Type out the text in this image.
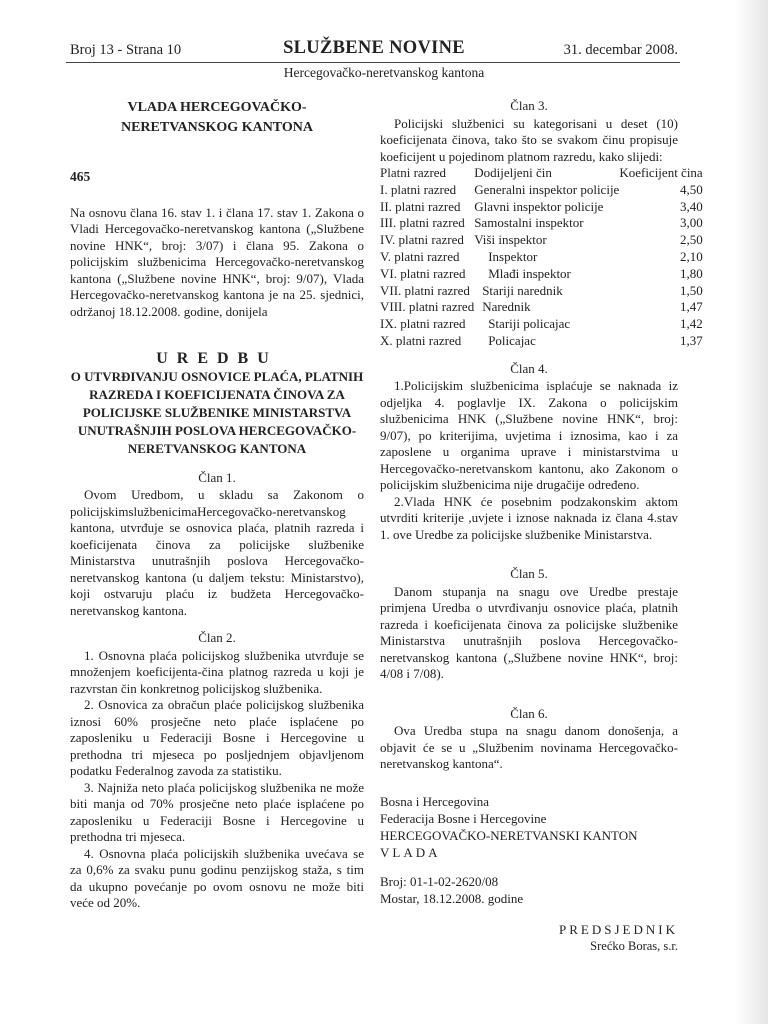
Broj 13 - Strana 10	SLUŽBENE NOVINE	31. decembar 2008.
Hercegovačko-neretvanskog kantona

VLADA HERCEGOVAČKO-

NERETVANSKOG KANTONA

465

Na osnovu člana 16. stav 1. i člana 17. stav 1. Zakona o Vladi Hercegovačko-neretvanskog kantona („Službene novine HNK“, broj: 3/07) i člana 95. Zakona o policijskim službenicima Hercegovačko-neretvanskog kantona („Službene novine HNK“, broj: 9/07), Vlada Hercegovačko-neretvanskog kantona je na 25. sjednici, održanoj 18.12.2008. godine, donijela

UREDBU

O UTVRĐIVANJU OSNOVICE PLAĆA, PLATNIH RAZREDA I KOEFICIJENATA ČINOVA ZA POLICIJSKE SLUŽBENIKE MINISTARSTVA UNUTRAŠNJIH POSLOVA HERCEGOVAČKO-NERETVANSKOG KANTONA

Član 1.

Ovom Uredbom, u skladu sa Zakonom o policijskimslužbenicimaHercegovačko-neretvanskog kantona, utvrđuje se osnovica plaća, platnih razreda i koeficijenata činova za policijske službenike Ministarstva unutrašnjih poslova Hercegovačko-neretvanskog kantona (u daljem tekstu: Ministarstvo), koji ostvaruju plaću iz budžeta Hercegovačko-neretvanskog kantona.

Član 2.

1. Osnovna plaća policijskog službenika utvrđuje se množenjem koeficijenta-čina platnog razreda u koji je razvrstan čin konkretnog policijskog službenika.

2. Osnovica za obračun plaće policijskog službenika iznosi 60% prosječne neto plaće isplaćene po zaposleniku u Federaciji Bosne i Hercegovine u prethodna tri mjeseca po posljednjem objavljenom podatku Federalnog zavoda za statistiku.

3. Najniža neto plaća policijskog službenika ne može biti manja od 70% prosječne neto plaće isplaćene po zaposleniku u Federaciji Bosne i Hercegovine u prethodna tri mjeseca.

4. Osnovna plaća policijskih službenika uvećava se za 0,6% za svaku punu godinu penzijskog staža, s tim da ukupno povećanje po ovom osnovu ne može biti veće od 20%.

Član 3.

Policijski službenici su kategorisani u deset (10) koeficijenata činova, tako što se svakom činu propisuje koeficijent u pojedinom platnom razredu, kako slijedi:

Platni razred	Dodijeljeni čin	Koeficijent čina
I. platni razred	Generalni inspektor policije	4,50
II. platni razred	Glavni inspektor policije	3,40
III. platni razred	Samostalni inspektor	3,00
IV. platni razred	Viši inspektor	2,50
V. platni razred	Inspektor	2,10
VI. platni razred	Mlađi inspektor	1,80
VII. platni razred	Stariji narednik	1,50
VIII. platni razred	Narednik	1,47
IX. platni razred	Stariji policajac	1,42
X. platni razred	Policajac	1,37

Član 4.

1.Policijskim službenicima isplaćuje se naknada iz odjeljka 4. poglavlje IX. Zakona o policijskim službenicima HNK („Službene novine HNK“, broj: 9/07), po kriterijima, uvjetima i iznosima, kao i za zaposlene u organima uprave i ministarstvima u Hercegovačko-neretvanskom kantonu, ako Zakonom o policijskim službenicima nije drugačije određeno.

2.Vlada HNK će posebnim podzakonskim aktom utvrditi kriterije ,uvjete i iznose naknada iz člana 4.stav 1. ove Uredbe za policijske službenike Ministarstva.

Član 5.

Danom stupanja na snagu ove Uredbe prestaje primjena Uredba o utvrđivanju osnovice plaća, platnih razreda i koeficijenata činova za policijske službenike Ministarstva unutrašnjih poslova Hercegovačko-neretvanskog kantona („Službene novine HNK“, broj: 4/08 i 7/08).

Član 6.

Ova Uredba stupa na snagu danom donošenja, a objavit će se u „Službenim novinama Hercegovačko-neretvanskog kantona“.

Bosna i Hercegovina

Federacija Bosne i Hercegovine

HERCEGOVAČKO-NERETVANSKI KANTON

VLADA

Broj: 01-1-02-2620/08

Mostar, 18.12.2008. godine

PREDSJEDNIK

Srećko Boras, s.r.
